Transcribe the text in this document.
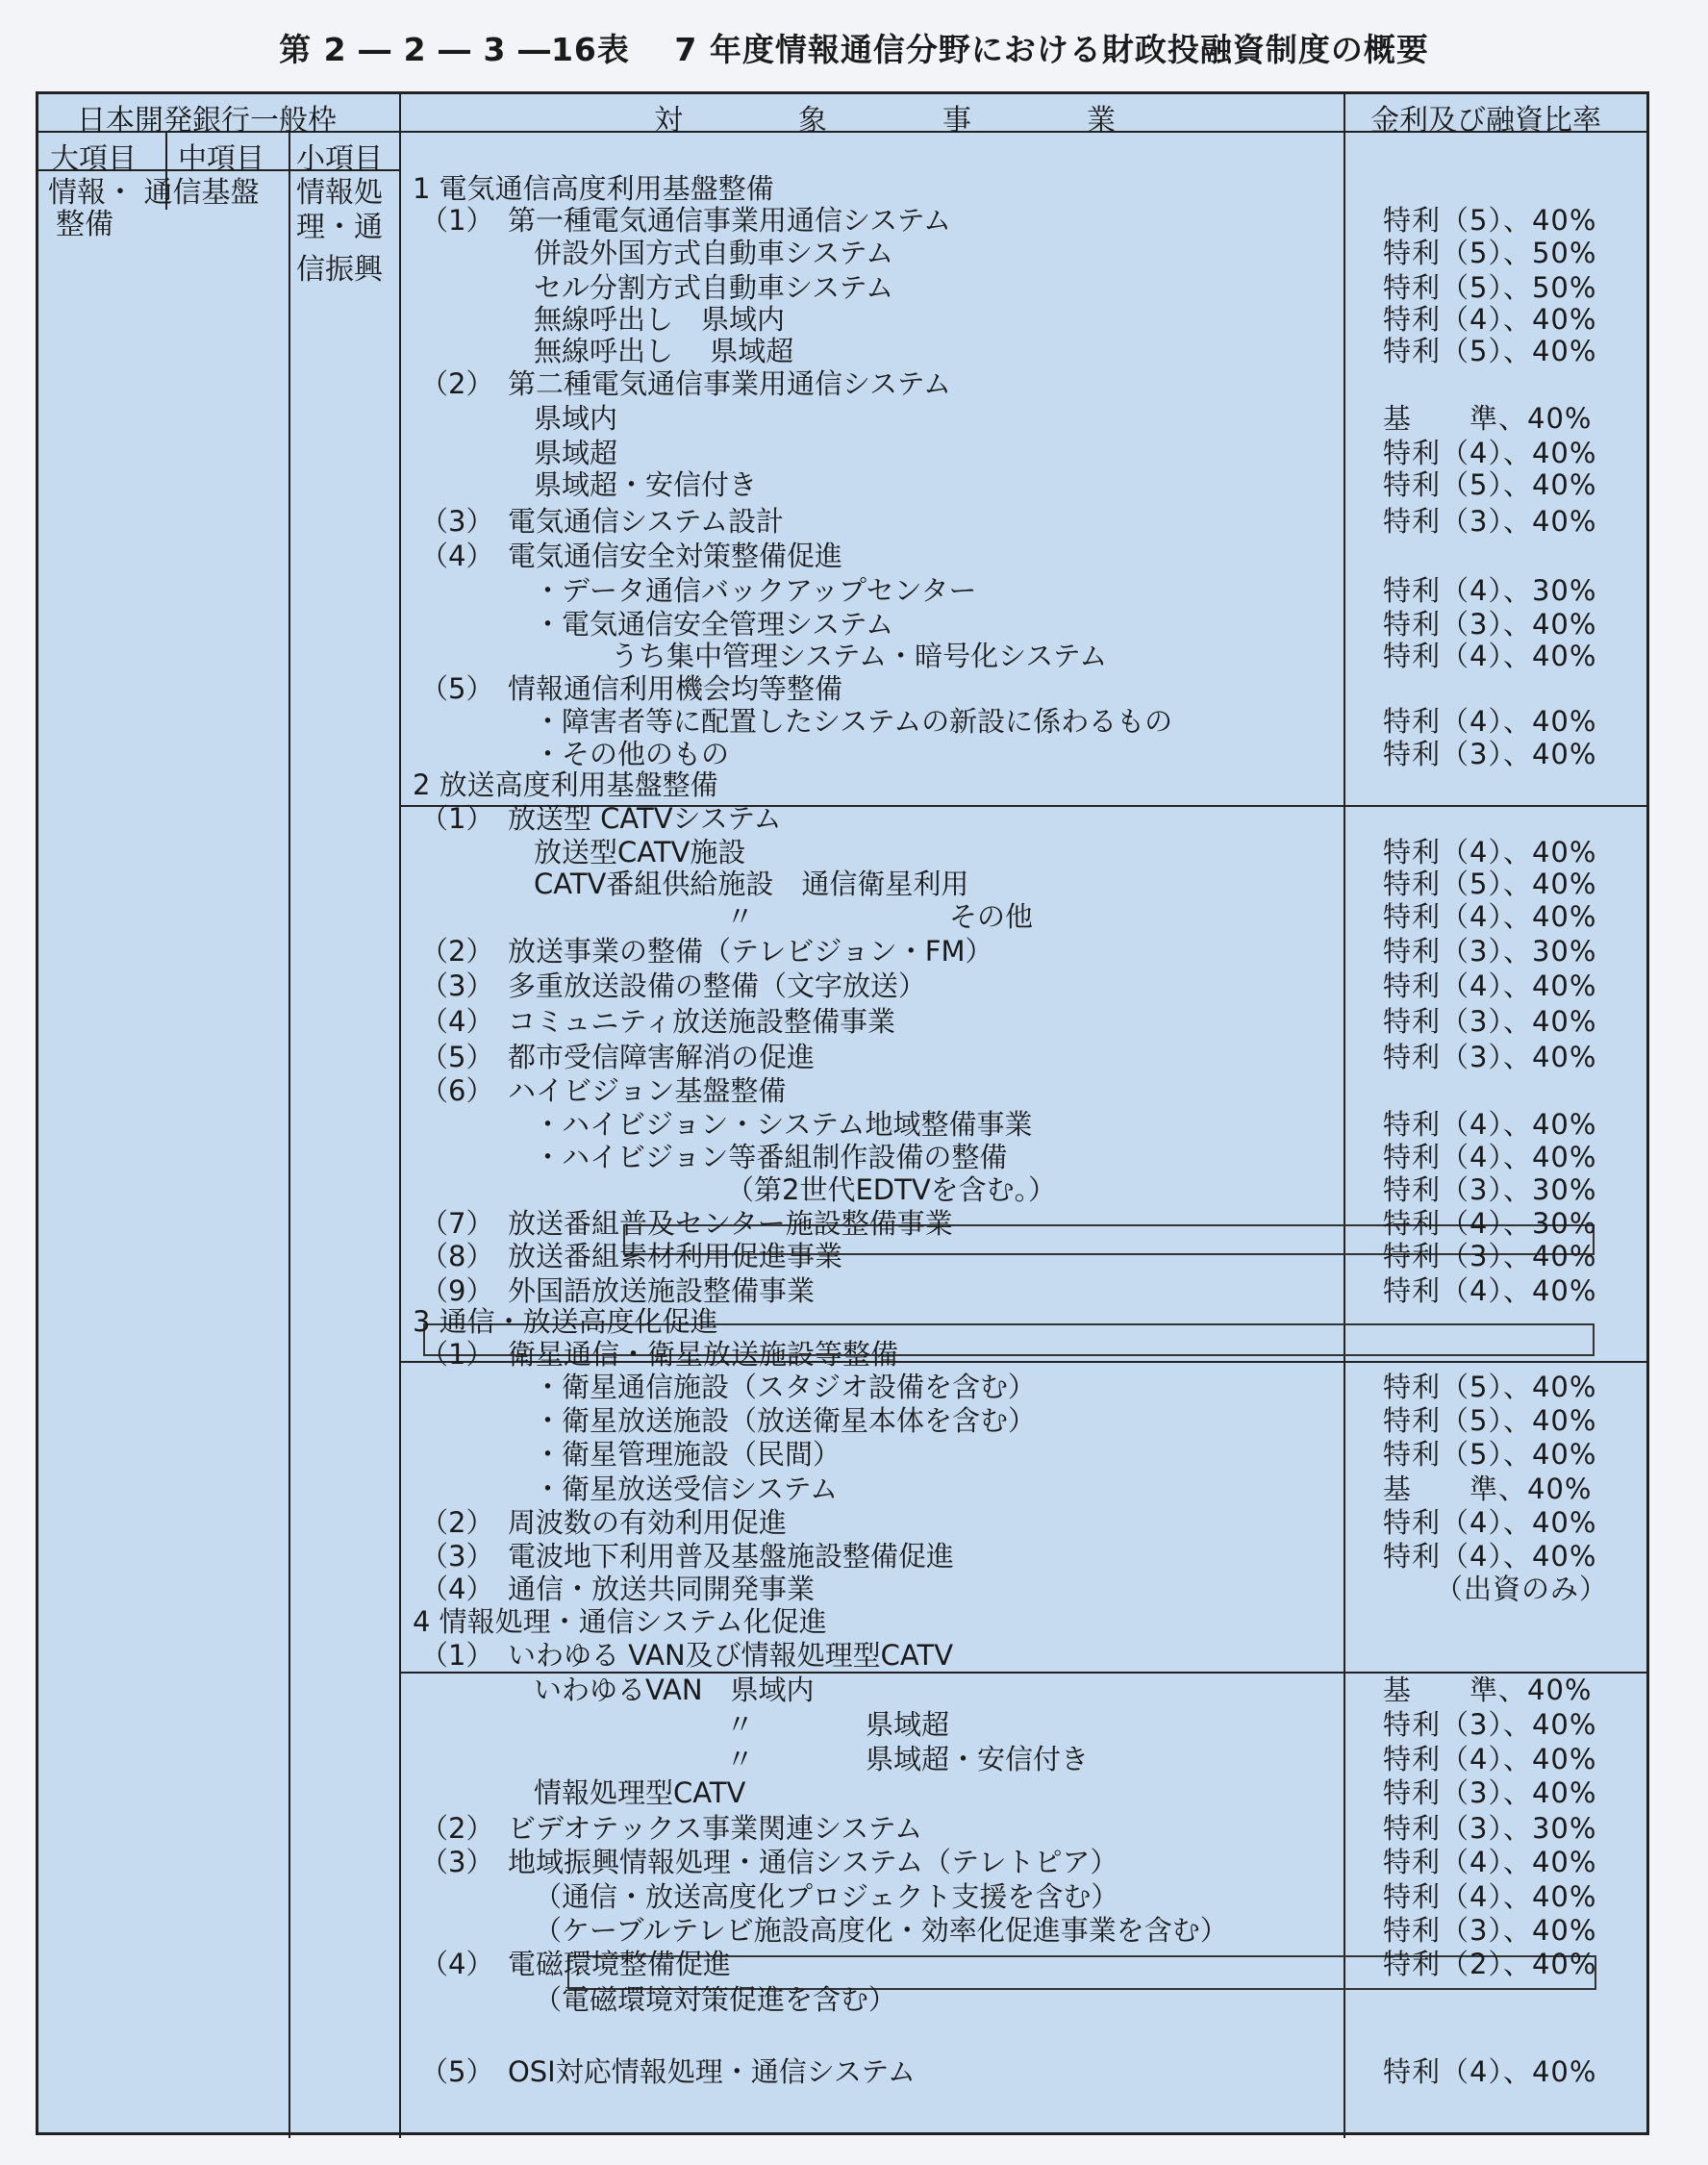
第 2 ― 2 ― 3 ―16表　 7 年度情報通信分野における財政投融資制度の概要
日本開発銀行一般枠	対　　　　象　　　　事　　　　業	金利及び融資比率
大項目 中項目 小項目
情報・ 通信基盤
整備
情報処
理・通
信振興
1 電気通信高度利用基盤整備
（1）　第一種電気通信事業用通信システム	特利（5）、40%
併設外国方式自動車システム	特利（5）、50%
セル分割方式自動車システム	特利（5）、50%
無線呼出し　県域内	特利（4）、40%
無線呼出し　 県域超	特利（5）、40%
（2）　第二種電気通信事業用通信システム
県域内	基　　準、40%
県域超	特利（4）、40%
県域超・安信付き	特利（5）、40%
（3）　電気通信システム設計	特利（3）、40%
（4）　電気通信安全対策整備促進
・データ通信バックアップセンター	特利（4）、30%
・電気通信安全管理システム	特利（3）、40%
うち集中管理システム・暗号化システム	特利（4）、40%
（5）　情報通信利用機会均等整備
・障害者等に配置したシステムの新設に係わるもの	特利（4）、40%
・その他のもの	特利（3）、40%
2 放送高度利用基盤整備
（1）　放送型 CATVシステム
放送型CATV施設	特利（4）、40%
CATV番組供給施設　通信衛星利用	特利（5）、40%
〃　　　　　　　その他	特利（4）、40%
（2）　放送事業の整備（テレビジョン・FM）	特利（3）、30%
（3）　多重放送設備の整備（文字放送）	特利（4）、40%
（4）　コミュニティ放送施設整備事業	特利（3）、40%
（5）　都市受信障害解消の促進	特利（3）、40%
（6）　ハイビジョン基盤整備
・ハイビジョン・システム地域整備事業	特利（4）、40%
・ハイビジョン等番組制作設備の整備	特利（4）、40%
（第2世代EDTVを含む。）	特利（3）、30%
（7）　放送番組普及センター施設整備事業	特利（4）、30%
（8）　放送番組素材利用促進事業	特利（3）、40%
（9）　外国語放送施設整備事業	特利（4）、40%
3 通信・放送高度化促進
（1）　衛星通信・衛星放送施設等整備
・衛星通信施設（スタジオ設備を含む）	特利（5）、40%
・衛星放送施設（放送衛星本体を含む）	特利（5）、40%
・衛星管理施設（民間）	特利（5）、40%
・衛星放送受信システム	基　　準、40%
（2）　周波数の有効利用促進	特利（4）、40%
（3）　電波地下利用普及基盤施設整備促進	特利（4）、40%
（4）　通信・放送共同開発事業	（出資のみ）
4 情報処理・通信システム化促進
（1）　いわゆる VAN及び情報処理型CATV
いわゆるVAN　県域内	基　　準、40%
〃　　　　県域超	特利（3）、40%
〃　　　　県域超・安信付き	特利（4）、40%
情報処理型CATV	特利（3）、40%
（2）　ビデオテックス事業関連システム	特利（3）、30%
（3）　地域振興情報処理・通信システム（テレトピア）	特利（4）、40%
（通信・放送高度化プロジェクト支援を含む）	特利（4）、40%
（ケーブルテレビ施設高度化・効率化促進事業を含む）	特利（3）、40%
（4）　電磁環境整備促進	特利（2）、40%
（電磁環境対策促進を含む）
（5）　OSI対応情報処理・通信システム	特利（4）、40%
